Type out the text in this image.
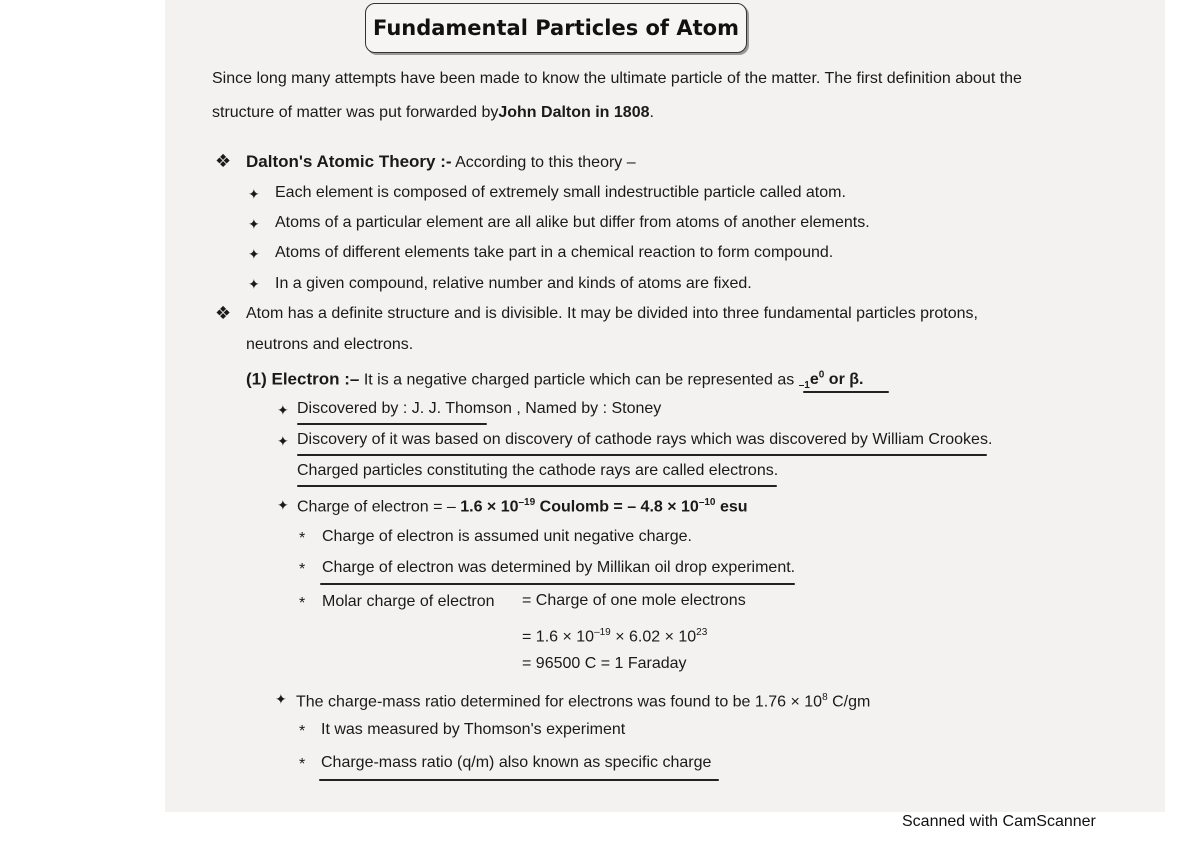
Fundamental Particles of Atom
Since long many attempts have been made to know the ultimate particle of the matter. The first definition about the
structure of matter was put forwarded byJohn Dalton in 1808.
❖ Dalton's Atomic Theory :- According to this theory –
✦ Each element is composed of extremely small indestructible particle called atom.
✦ Atoms of a particular element are all alike but differ from atoms of another elements.
✦ Atoms of different elements take part in a chemical reaction to form compound.
✦ In a given compound, relative number and kinds of atoms are fixed.
❖ Atom has a definite structure and is divisible. It may be divided into three fundamental particles protons,
neutrons and electrons.
(1) Electron :– It is a negative charged particle which can be represented as $_{-1}e^0$ or β.
✦ Discovered by : J. J. Thomson , Named by : Stoney
✦ Discovery of it was based on discovery of cathode rays which was discovered by William Crookes.
Charged particles constituting the cathode rays are called electrons.
✦ Charge of electron = – $1.6 \times 10^{-19}$ Coulomb = – $4.8 \times 10^{-10}$ esu
* Charge of electron is assumed unit negative charge.
* Charge of electron was determined by Millikan oil drop experiment.
* Molar charge of electron = Charge of one mole electrons
= $1.6 \times 10^{-19} \times 6.02 \times 10^{23}$
= 96500 C = 1 Faraday
✦ The charge-mass ratio determined for electrons was found to be $1.76 \times 10^8$ C/gm
* It was measured by Thomson's experiment
* Charge-mass ratio (q/m) also known as specific charge
Scanned with CamScanner
